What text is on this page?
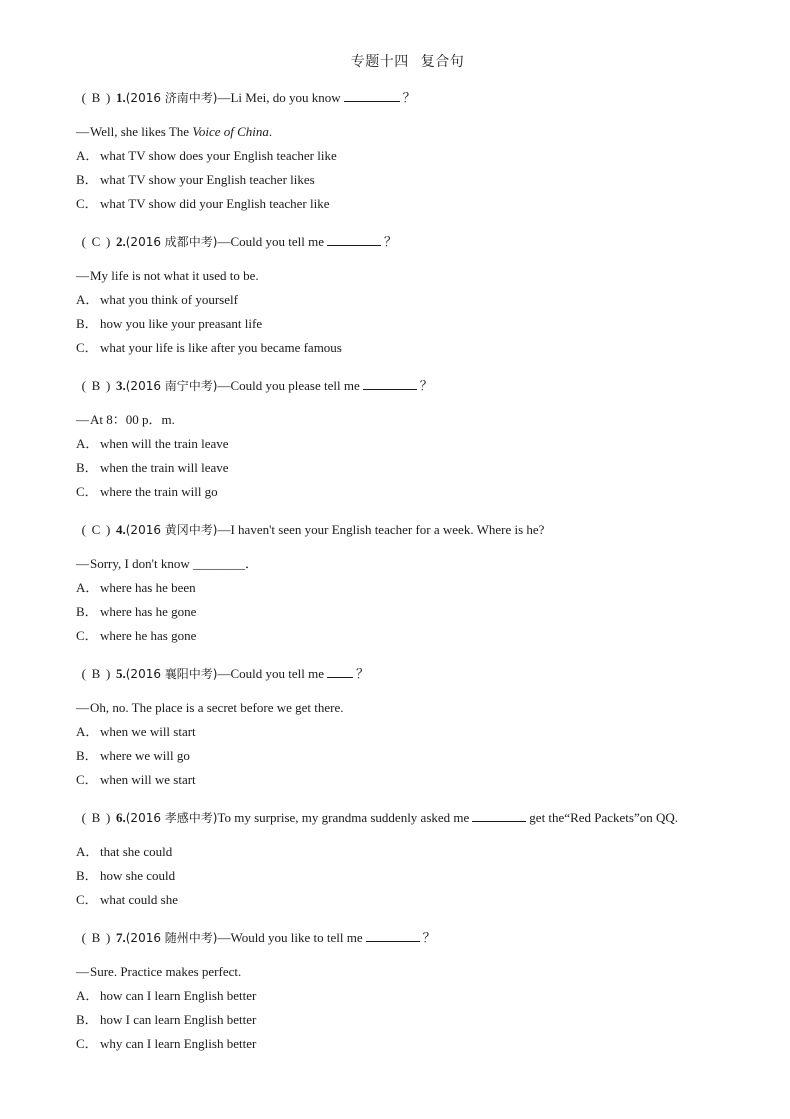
专题十四 复合句
( B ) 1.(2016 济南中考)—Li Mei, do you know	？
—Well, she likes The Voice of China.
A． what TV show does your English teacher like
B． what TV show your English teacher likes
C． what TV show did your English teacher like
( C ) 2.(2016 成都中考)—Could you tell me	？
—My life is not what it used to be.
A． what you think of yourself
B． how you like your preasant life
C． what your life is like after you became famous
( B ) 3.(2016 南宁中考)—Could you please tell me	？
—At 8：00 p．m.
A． when will the train leave
B． when the train will leave
C． where the train will go
( C ) 4.(2016 黄冈中考)—I haven't seen your English teacher for a week. Where is he?
—Sorry, I don't know ________．
A． where has he been
B． where has he gone
C． where he has gone
( B ) 5.(2016 襄阳中考)—Could you tell me ？
—Oh, no. The place is a secret before we get there.
A． when we will start
B． where we will go
C． when will we start
( B ) 6.(2016 孝感中考)To my surprise, my grandma suddenly asked me	get the“Red Packets”on QQ.
A． that she could
B． how she could
C． what could she
( B ) 7.(2016 随州中考)—Would you like to tell me	？
—Sure. Practice makes perfect.
A． how can I learn English better
B． how I can learn English better
C． why can I learn English better
